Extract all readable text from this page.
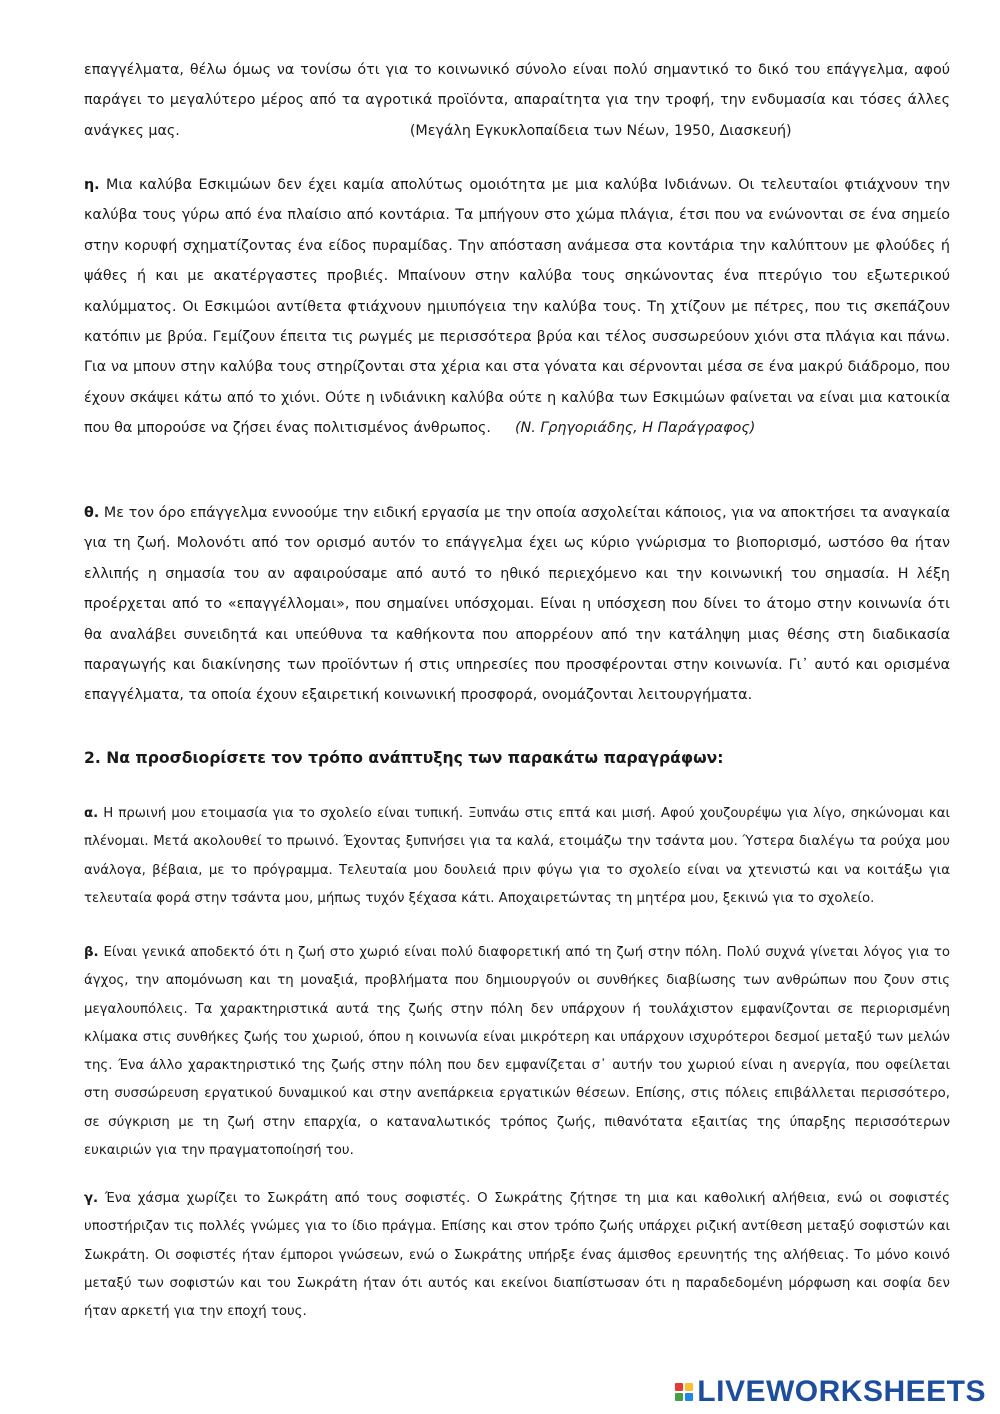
επαγγέλματα, θέλω όμως να τονίσω ότι για το κοινωνικό σύνολο είναι πολύ σημαντικό το δικό του επάγγελμα, αφού παράγει το μεγαλύτερο μέρος από τα αγροτικά προϊόντα, απαραίτητα για την τροφή, την ενδυμασία και τόσες άλλες ανάγκες μας.	(Μεγάλη Εγκυκλοπαίδεια των Νέων, 1950, Διασκευή)

η. Μια καλύβα Εσκιμώων δεν έχει καμία απολύτως ομοιότητα με μια καλύβα Ινδιάνων. Οι τελευταίοι φτιάχνουν την καλύβα τους γύρω από ένα πλαίσιο από κοντάρια. Τα μπήγουν στο χώμα πλάγια, έτσι που να ενώνονται σε ένα σημείο στην κορυφή σχηματίζοντας ένα είδος πυραμίδας. Την απόσταση ανάμεσα στα κοντάρια την καλύπτουν με φλούδες ή ψάθες ή και με ακατέργαστες προβιές. Μπαίνουν στην καλύβα τους σηκώνοντας ένα πτερύγιο του εξωτερικού καλύμματος. Οι Εσκιμώοι αντίθετα φτιάχνουν ημιυπόγεια την καλύβα τους. Τη χτίζουν με πέτρες, που τις σκεπάζουν κατόπιν με βρύα. Γεμίζουν έπειτα τις ρωγμές με περισσότερα βρύα και τέλος συσσωρεύουν χιόνι στα πλάγια και πάνω. Για να μπουν στην καλύβα τους στηρίζονται στα χέρια και στα γόνατα και σέρνονται μέσα σε ένα μακρύ διάδρομο, που έχουν σκάψει κάτω από το χιόνι. Ούτε η ινδιάνικη καλύβα ούτε η καλύβα των Εσκιμώων φαίνεται να είναι μια κατοικία που θα μπορούσε να ζήσει ένας πολιτισμένος άνθρωπος. (Ν. Γρηγοριάδης, Η Παράγραφος)

θ. Με τον όρο επάγγελμα εννοούμε την ειδική εργασία με την οποία ασχολείται κάποιος, για να αποκτήσει τα αναγκαία για τη ζωή. Μολονότι από τον ορισμό αυτόν το επάγγελμα έχει ως κύριο γνώρισμα το βιοπορισμό, ωστόσο θα ήταν ελλιπής η σημασία του αν αφαιρούσαμε από αυτό το ηθικό περιεχόμενο και την κοινωνική του σημασία. Η λέξη προέρχεται από το «επαγγέλλομαι», που σημαίνει υπόσχομαι. Είναι η υπόσχεση που δίνει το άτομο στην κοινωνία ότι θα αναλάβει συνειδητά και υπεύθυνα τα καθήκοντα που απορρέουν από την κατάληψη μιας θέσης στη διαδικασία παραγωγής και διακίνησης των προϊόντων ή στις υπηρεσίες που προσφέρονται στην κοινωνία. Γι᾽ αυτό και ορισμένα επαγγέλματα, τα οποία έχουν εξαιρετική κοινωνική προσφορά, ονομάζονται λειτουργήματα.

2. Να προσδιορίσετε τον τρόπο ανάπτυξης των παρακάτω παραγράφων:

α. Η πρωινή μου ετοιμασία για το σχολείο είναι τυπική. Ξυπνάω στις επτά και μισή. Αφού χουζουρέψω για λίγο, σηκώνομαι και πλένομαι. Μετά ακολουθεί το πρωινό. Έχοντας ξυπνήσει για τα καλά, ετοιμάζω την τσάντα μου. Ύστερα διαλέγω τα ρούχα μου ανάλογα, βέβαια, με το πρόγραμμα. Τελευταία μου δουλειά πριν φύγω για το σχολείο είναι να χτενιστώ και να κοιτάξω για τελευταία φορά στην τσάντα μου, μήπως τυχόν ξέχασα κάτι. Αποχαιρετώντας τη μητέρα μου, ξεκινώ για το σχολείο.

β. Είναι γενικά αποδεκτό ότι η ζωή στο χωριό είναι πολύ διαφορετική από τη ζωή στην πόλη. Πολύ συχνά γίνεται λόγος για το άγχος, την απομόνωση και τη μοναξιά, προβλήματα που δημιουργούν οι συνθήκες διαβίωσης των ανθρώπων που ζουν στις μεγαλουπόλεις. Τα χαρακτηριστικά αυτά της ζωής στην πόλη δεν υπάρχουν ή τουλάχιστον εμφανίζονται σε περιορισμένη κλίμακα στις συνθήκες ζωής του χωριού, όπου η κοινωνία είναι μικρότερη και υπάρχουν ισχυρότεροι δεσμοί μεταξύ των μελών της. Ένα άλλο χαρακτηριστικό της ζωής στην πόλη που δεν εμφανίζεται σ᾽ αυτήν του χωριού είναι η ανεργία, που οφείλεται στη συσσώρευση εργατικού δυναμικού και στην ανεπάρκεια εργατικών θέσεων. Επίσης, στις πόλεις επιβάλλεται περισσότερο, σε σύγκριση με τη ζωή στην επαρχία, ο καταναλωτικός τρόπος ζωής, πιθανότατα εξαιτίας της ύπαρξης περισσότερων ευκαιριών για την πραγματοποίησή του.

γ. Ένα χάσμα χωρίζει το Σωκράτη από τους σοφιστές. Ο Σωκράτης ζήτησε τη μια και καθολική αλήθεια, ενώ οι σοφιστές υποστήριζαν τις πολλές γνώμες για το ίδιο πράγμα. Επίσης και στον τρόπο ζωής υπάρχει ριζική αντίθεση μεταξύ σοφιστών και Σωκράτη. Οι σοφιστές ήταν έμποροι γνώσεων, ενώ ο Σωκράτης υπήρξε ένας άμισθος ερευνητής της αλήθειας. Το μόνο κοινό μεταξύ των σοφιστών και του Σωκράτη ήταν ότι αυτός και εκείνοι διαπίστωσαν ότι η παραδεδομένη μόρφωση και σοφία δεν ήταν αρκετή για την εποχή τους.

LIVEWORKSHEETS
